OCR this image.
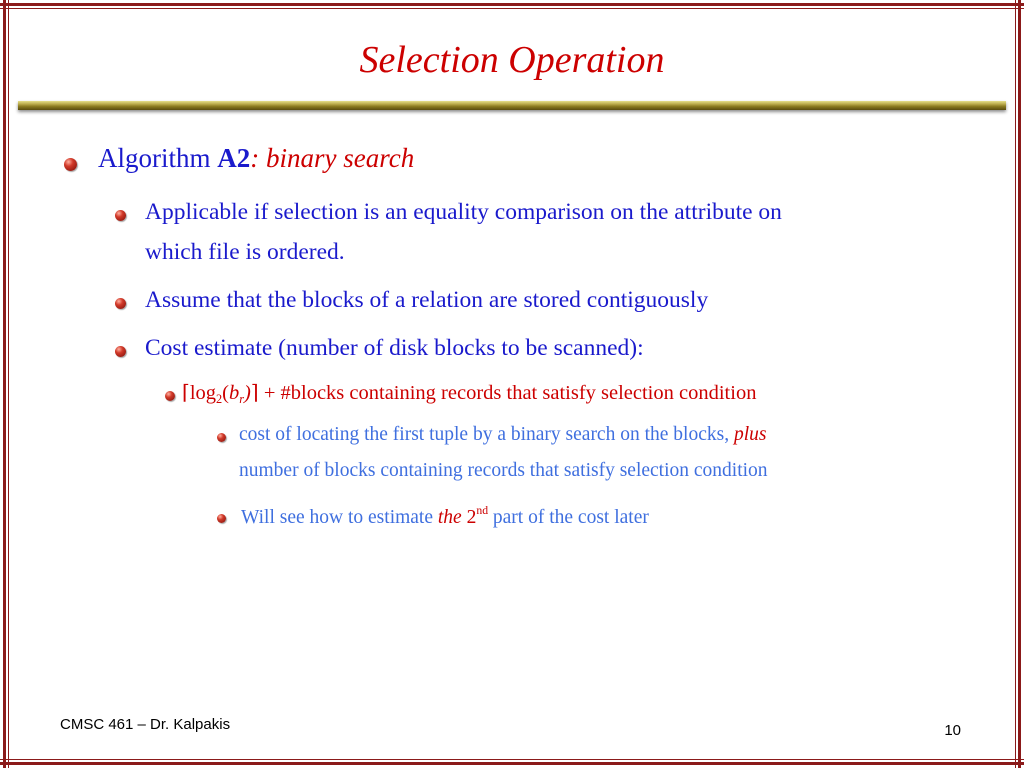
Selection Operation
Algorithm A2: binary search
Applicable if selection is an equality comparison on the attribute on
which file is ordered.
Assume that the blocks of a relation are stored contiguously
Cost estimate (number of disk blocks to be scanned):
$⌈\log_2(b_r)⌉$ + #blocks containing records that satisfy selection condition
cost of locating the first tuple by a binary search on the blocks, plus
number of blocks containing records that satisfy selection condition
Will see how to estimate the 2nd part of the cost later
CMSC 461 – Dr. Kalpakis	10
